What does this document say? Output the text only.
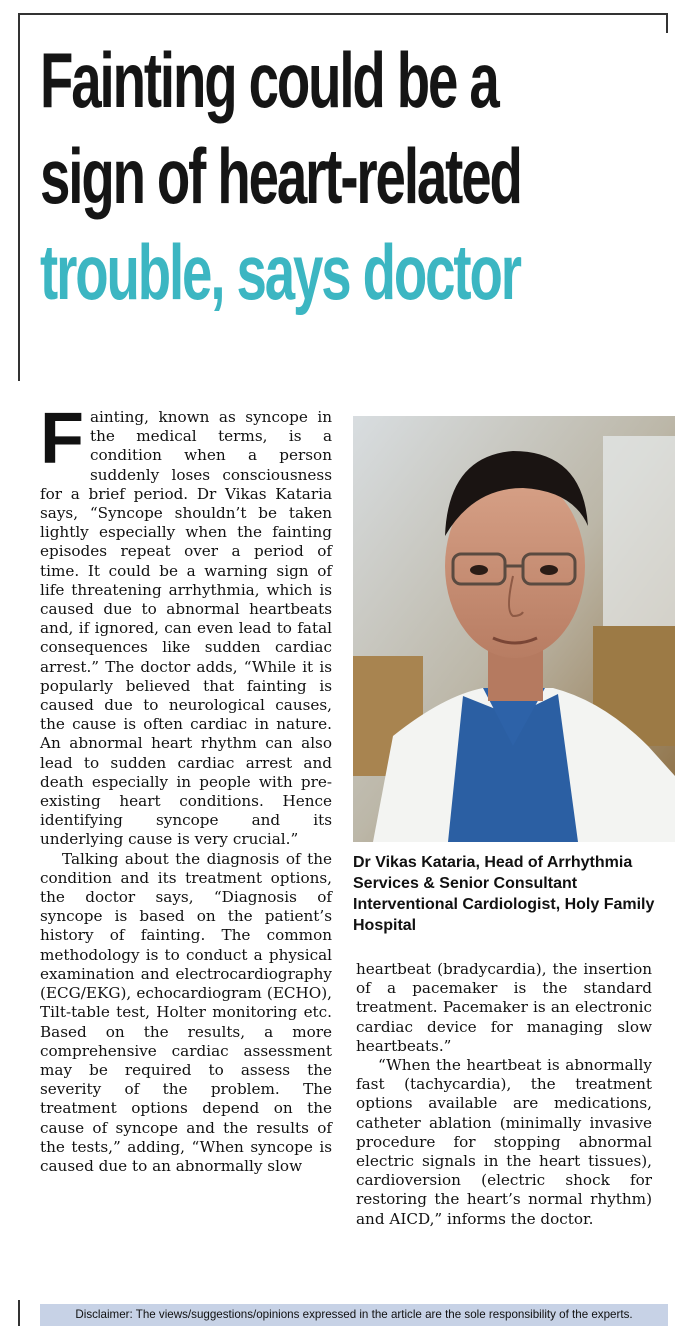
Fainting could be a
sign of heart-related
trouble, says doctor

Fainting, known as syncope in the medical terms, is a condition when a person suddenly loses consciousness for a brief period. Dr Vikas Kataria says, “Syncope shouldn’t be taken lightly especially when the fainting episodes repeat over a period of time. It could be a warning sign of life threatening arrhythmia, which is caused due to abnormal heartbeats and, if ignored, can even lead to fatal consequences like sudden cardiac arrest.” The doctor adds, “While it is popularly believed that fainting is caused due to neurological causes, the cause is often cardiac in nature. An abnormal heart rhythm can also lead to sudden cardiac arrest and death especially in people with pre-existing heart conditions. Hence identifying syncope and its underlying cause is very crucial.”

Talking about the diagnosis of the condition and its treatment options, the doctor says, “Diagnosis of syncope is based on the patient’s history of fainting. The common methodology is to conduct a physical examination and electrocardiography (ECG/EKG), echocardiogram (ECHO), Tilt-table test, Holter monitoring etc. Based on the results, a more comprehensive cardiac assessment may be required to assess the severity of the problem. The treatment options depend on the cause of syncope and the results of the tests,” adding, “When syncope is caused due to an abnormally slow

Dr Vikas Kataria, Head of Arrhythmia Services & Senior Consultant Interventional Cardiologist, Holy Family Hospital

heartbeat (bradycardia), the insertion of a pacemaker is the standard treatment. Pacemaker is an electronic cardiac device for managing slow heartbeats.”

“When the heartbeat is abnormally fast (tachycardia), the treatment options available are medications, catheter ablation (minimally invasive procedure for stopping abnormal electric signals in the heart tissues), cardioversion (electric shock for restoring the heart’s normal rhythm) and AICD,” informs the doctor.

Disclaimer: The views/suggestions/opinions expressed in the article are the sole responsibility of the experts.
